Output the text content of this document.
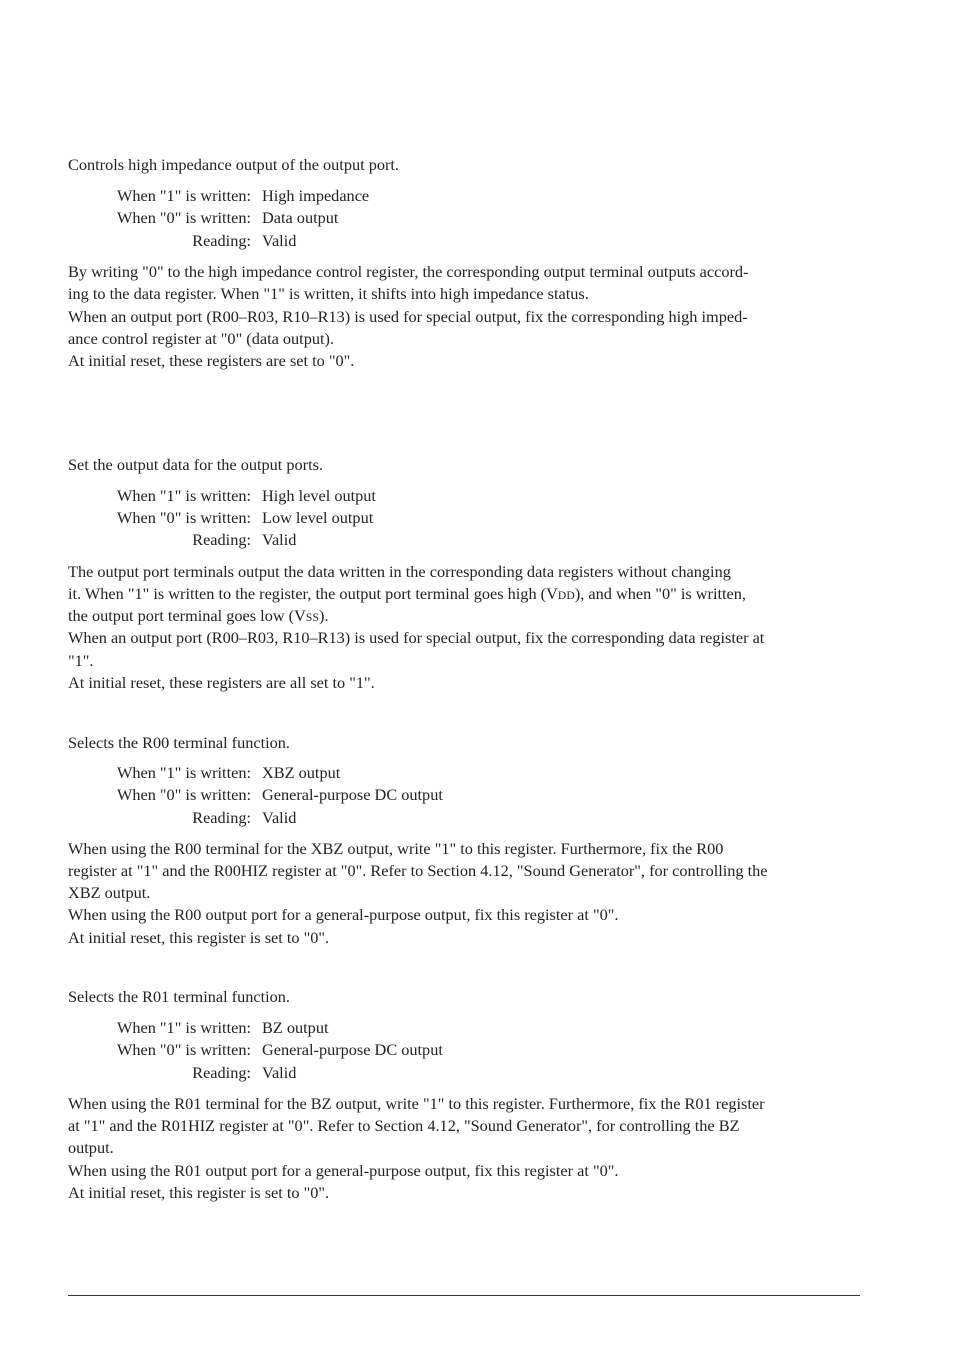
Controls high impedance output of the output port.
When "1" is written: High impedance
When "0" is written: Data output
Reading: Valid
By writing "0" to the high impedance control register, the corresponding output terminal outputs accord-
ing to the data register. When "1" is written, it shifts into high impedance status.
When an output port (R00–R03, R10–R13) is used for special output, fix the corresponding high imped-
ance control register at "0" (data output).
At initial reset, these registers are set to "0".
Set the output data for the output ports.
When "1" is written: High level output
When "0" is written: Low level output
Reading: Valid
The output port terminals output the data written in the corresponding data registers without changing
it. When "1" is written to the register, the output port terminal goes high (VDD), and when "0" is written,
the output port terminal goes low (VSS).
When an output port (R00–R03, R10–R13) is used for special output, fix the corresponding data register at
"1".
At initial reset, these registers are all set to "1".
Selects the R00 terminal function.
When "1" is written: XBZ output
When "0" is written: General-purpose DC output
Reading: Valid
When using the R00 terminal for the XBZ output, write "1" to this register. Furthermore, fix the R00
register at "1" and the R00HIZ register at "0". Refer to Section 4.12, "Sound Generator", for controlling the
XBZ output.
When using the R00 output port for a general-purpose output, fix this register at "0".
At initial reset, this register is set to "0".
Selects the R01 terminal function.
When "1" is written: BZ output
When "0" is written: General-purpose DC output
Reading: Valid
When using the R01 terminal for the BZ output, write "1" to this register. Furthermore, fix the R01 register
at "1" and the R01HIZ register at "0". Refer to Section 4.12, "Sound Generator", for controlling the BZ
output.
When using the R01 output port for a general-purpose output, fix this register at "0".
At initial reset, this register is set to "0".
